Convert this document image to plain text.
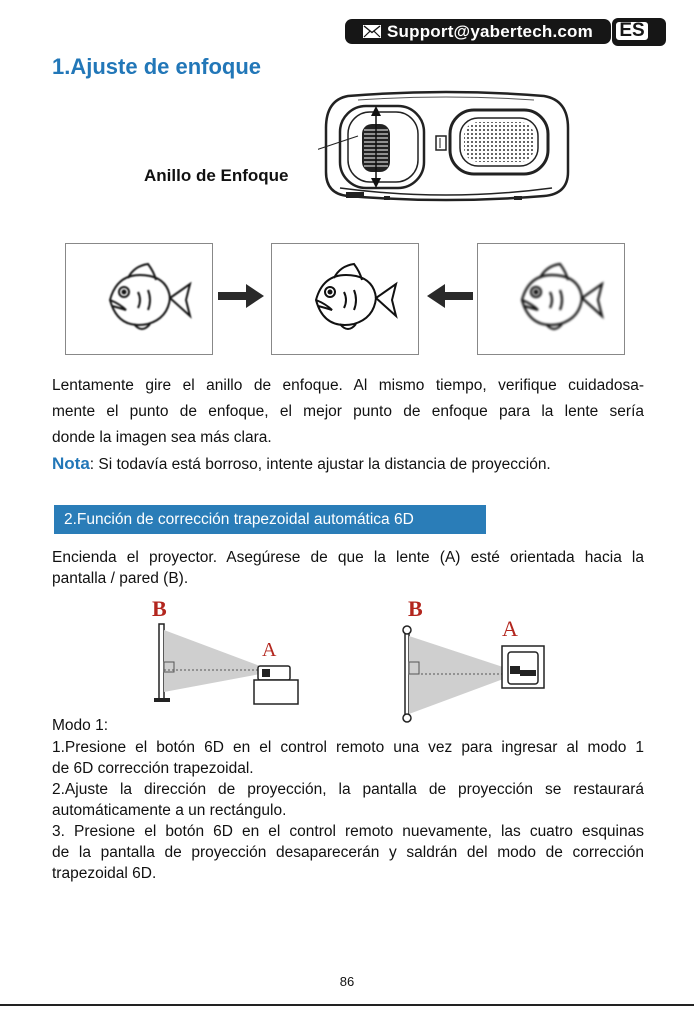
Support@yabertech.com ES
1.Ajuste de enfoque
Anillo de Enfoque
Lentamente gire el anillo de enfoque. Al mismo tiempo, verifique cuidadosa-
mente el punto de enfoque, el mejor punto de enfoque para la lente sería
donde la imagen sea más clara.
Nota: Si todavía está borroso, intente ajustar la distancia de proyección.
2.Función de corrección trapezoidal automática 6D
Encienda el proyector. Asegúrese de que la lente (A) esté orientada hacia la
pantalla / pared (B).
B
A
B
A
Modo 1:
1.Presione el botón 6D en el control remoto una vez para ingresar al modo 1
de 6D corrección trapezoidal.
2.Ajuste la dirección de proyección, la pantalla de proyección se restaurará
automáticamente a un rectángulo.
3. Presione el botón 6D en el control remoto nuevamente, las cuatro esquinas
de la pantalla de proyección desaparecerán y saldrán del modo de corrección
trapezoidal 6D.
86
